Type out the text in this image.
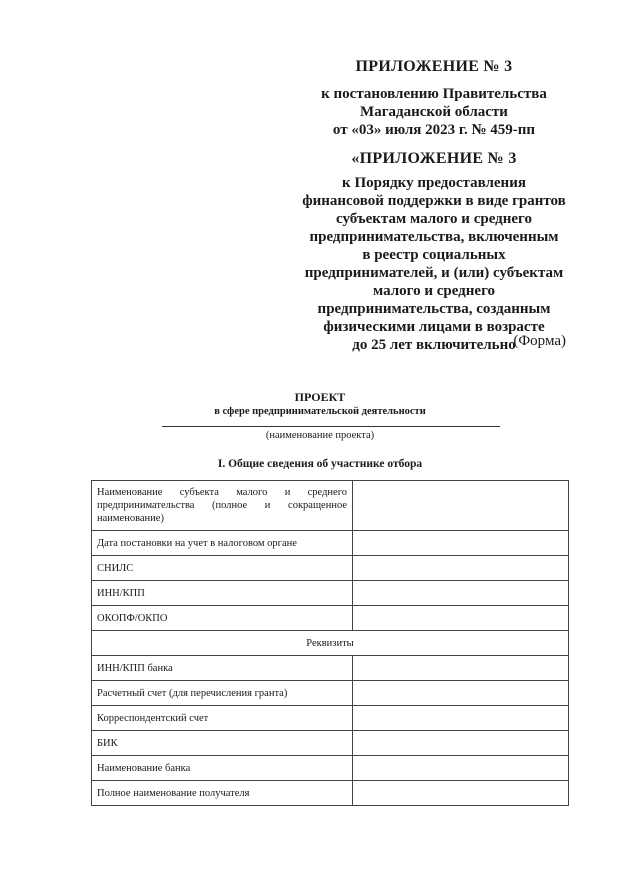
ПРИЛОЖЕНИЕ № 3
к постановлению Правительства
Магаданской области
от «03» июля 2023 г. № 459-пп
«ПРИЛОЖЕНИЕ № 3
к Порядку предоставления
финансовой поддержки в виде грантов
субъектам малого и среднего
предпринимательства, включенным
в реестр социальных
предпринимателей, и (или) субъектам
малого и среднего
предпринимательства, созданным
физическими лицами в возрасте
до 25 лет включительно
(Форма)
ПРОЕКТ
в сфере предпринимательской деятельности
(наименование проекта)
I. Общие сведения об участнике отбора
Наименование субъекта малого и среднего предпринимательства (полное и сокращенное наименование)	
Дата постановки на учет в налоговом органе	
СНИЛС	
ИНН/КПП	
ОКОПФ/ОКПО	
Реквизиты	
ИНН/КПП банка	
Расчетный счет (для перечисления гранта)	
Корреспондентский счет	
БИК	
Наименование банка	
Полное наименование получателя	
